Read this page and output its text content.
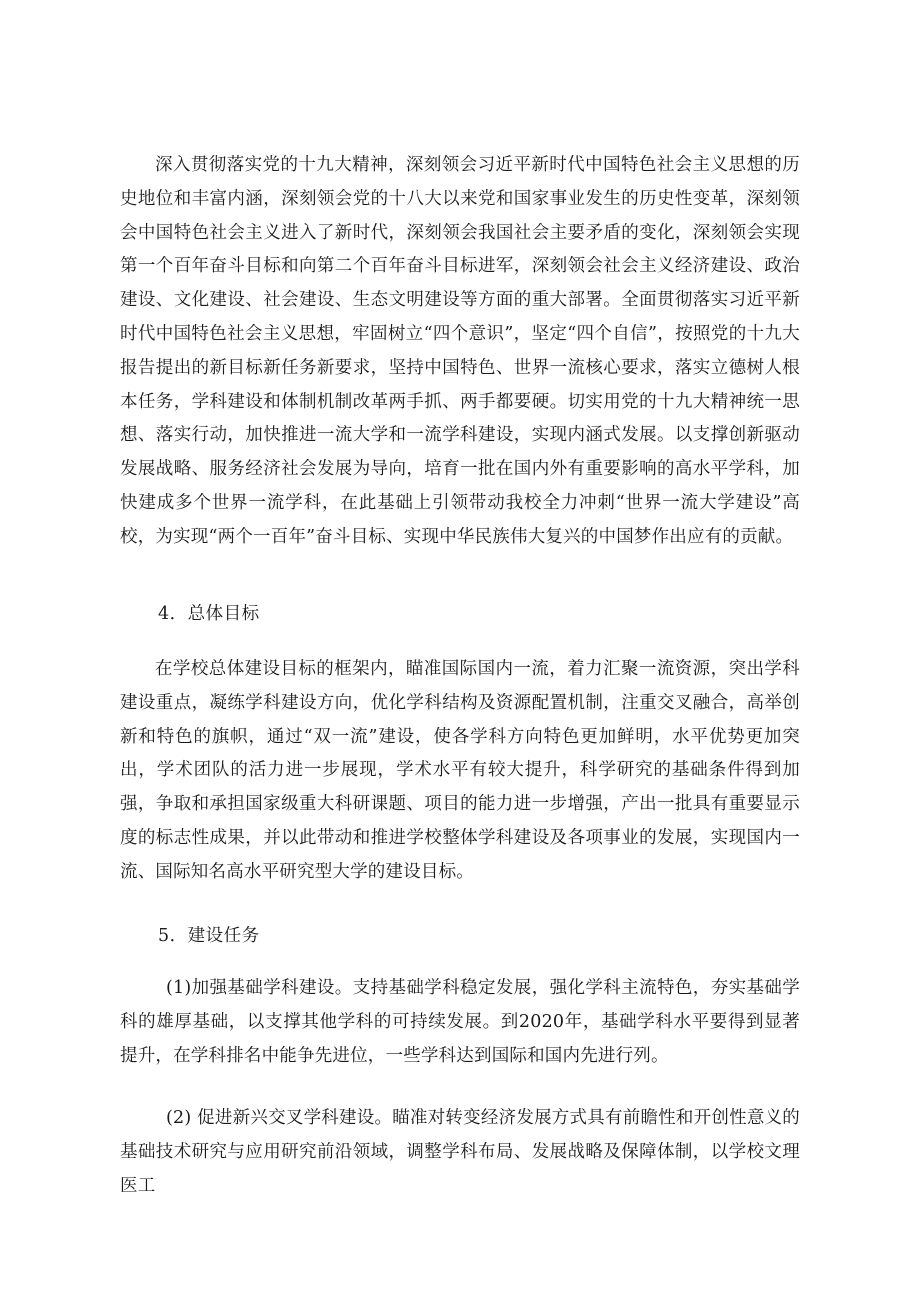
深入贯彻落实党的十九大精神，深刻领会习近平新时代中国特色社会主义思想的历史地位和丰富内涵，深刻领会党的十八大以来党和国家事业发生的历史性变革，深刻领会中国特色社会主义进入了新时代，深刻领会我国社会主要矛盾的变化，深刻领会实现第一个百年奋斗目标和向第二个百年奋斗目标进军，深刻领会社会主义经济建设、政治建设、文化建设、社会建设、生态文明建设等方面的重大部署。全面贯彻落实习近平新时代中国特色社会主义思想，牢固树立“四个意识”，坚定“四个自信”，按照党的十九大报告提出的新目标新任务新要求，坚持中国特色、世界一流核心要求，落实立德树人根本任务，学科建设和体制机制改革两手抓、两手都要硬。切实用党的十九大精神统一思想、落实行动，加快推进一流大学和一流学科建设，实现内涵式发展。以支撑创新驱动发展战略、服务经济社会发展为导向，培育一批在国内外有重要影响的高水平学科，加快建成多个世界一流学科，在此基础上引领带动我校全力冲刺“世界一流大学建设”高校，为实现“两个一百年”奋斗目标、实现中华民族伟大复兴的中国梦作出应有的贡献。

4．总体目标

在学校总体建设目标的框架内，瞄准国际国内一流，着力汇聚一流资源，突出学科建设重点，凝练学科建设方向，优化学科结构及资源配置机制，注重交叉融合，高举创新和特色的旗帜，通过“双一流”建设，使各学科方向特色更加鲜明，水平优势更加突出，学术团队的活力进一步展现，学术水平有较大提升，科学研究的基础条件得到加强，争取和承担国家级重大科研课题、项目的能力进一步增强，产出一批具有重要显示度的标志性成果，并以此带动和推进学校整体学科建设及各项事业的发展，实现国内一流、国际知名高水平研究型大学的建设目标。

5．建设任务

(1)加强基础学科建设。支持基础学科稳定发展，强化学科主流特色，夯实基础学科的雄厚基础，以支撑其他学科的可持续发展。到2020年，基础学科水平要得到显著提升，在学科排名中能争先进位，一些学科达到国际和国内先进行列。

(2) 促进新兴交叉学科建设。瞄准对转变经济发展方式具有前瞻性和开创性意义的基础技术研究与应用研究前沿领域，调整学科布局、发展战略及保障体制，以学校文理医工
